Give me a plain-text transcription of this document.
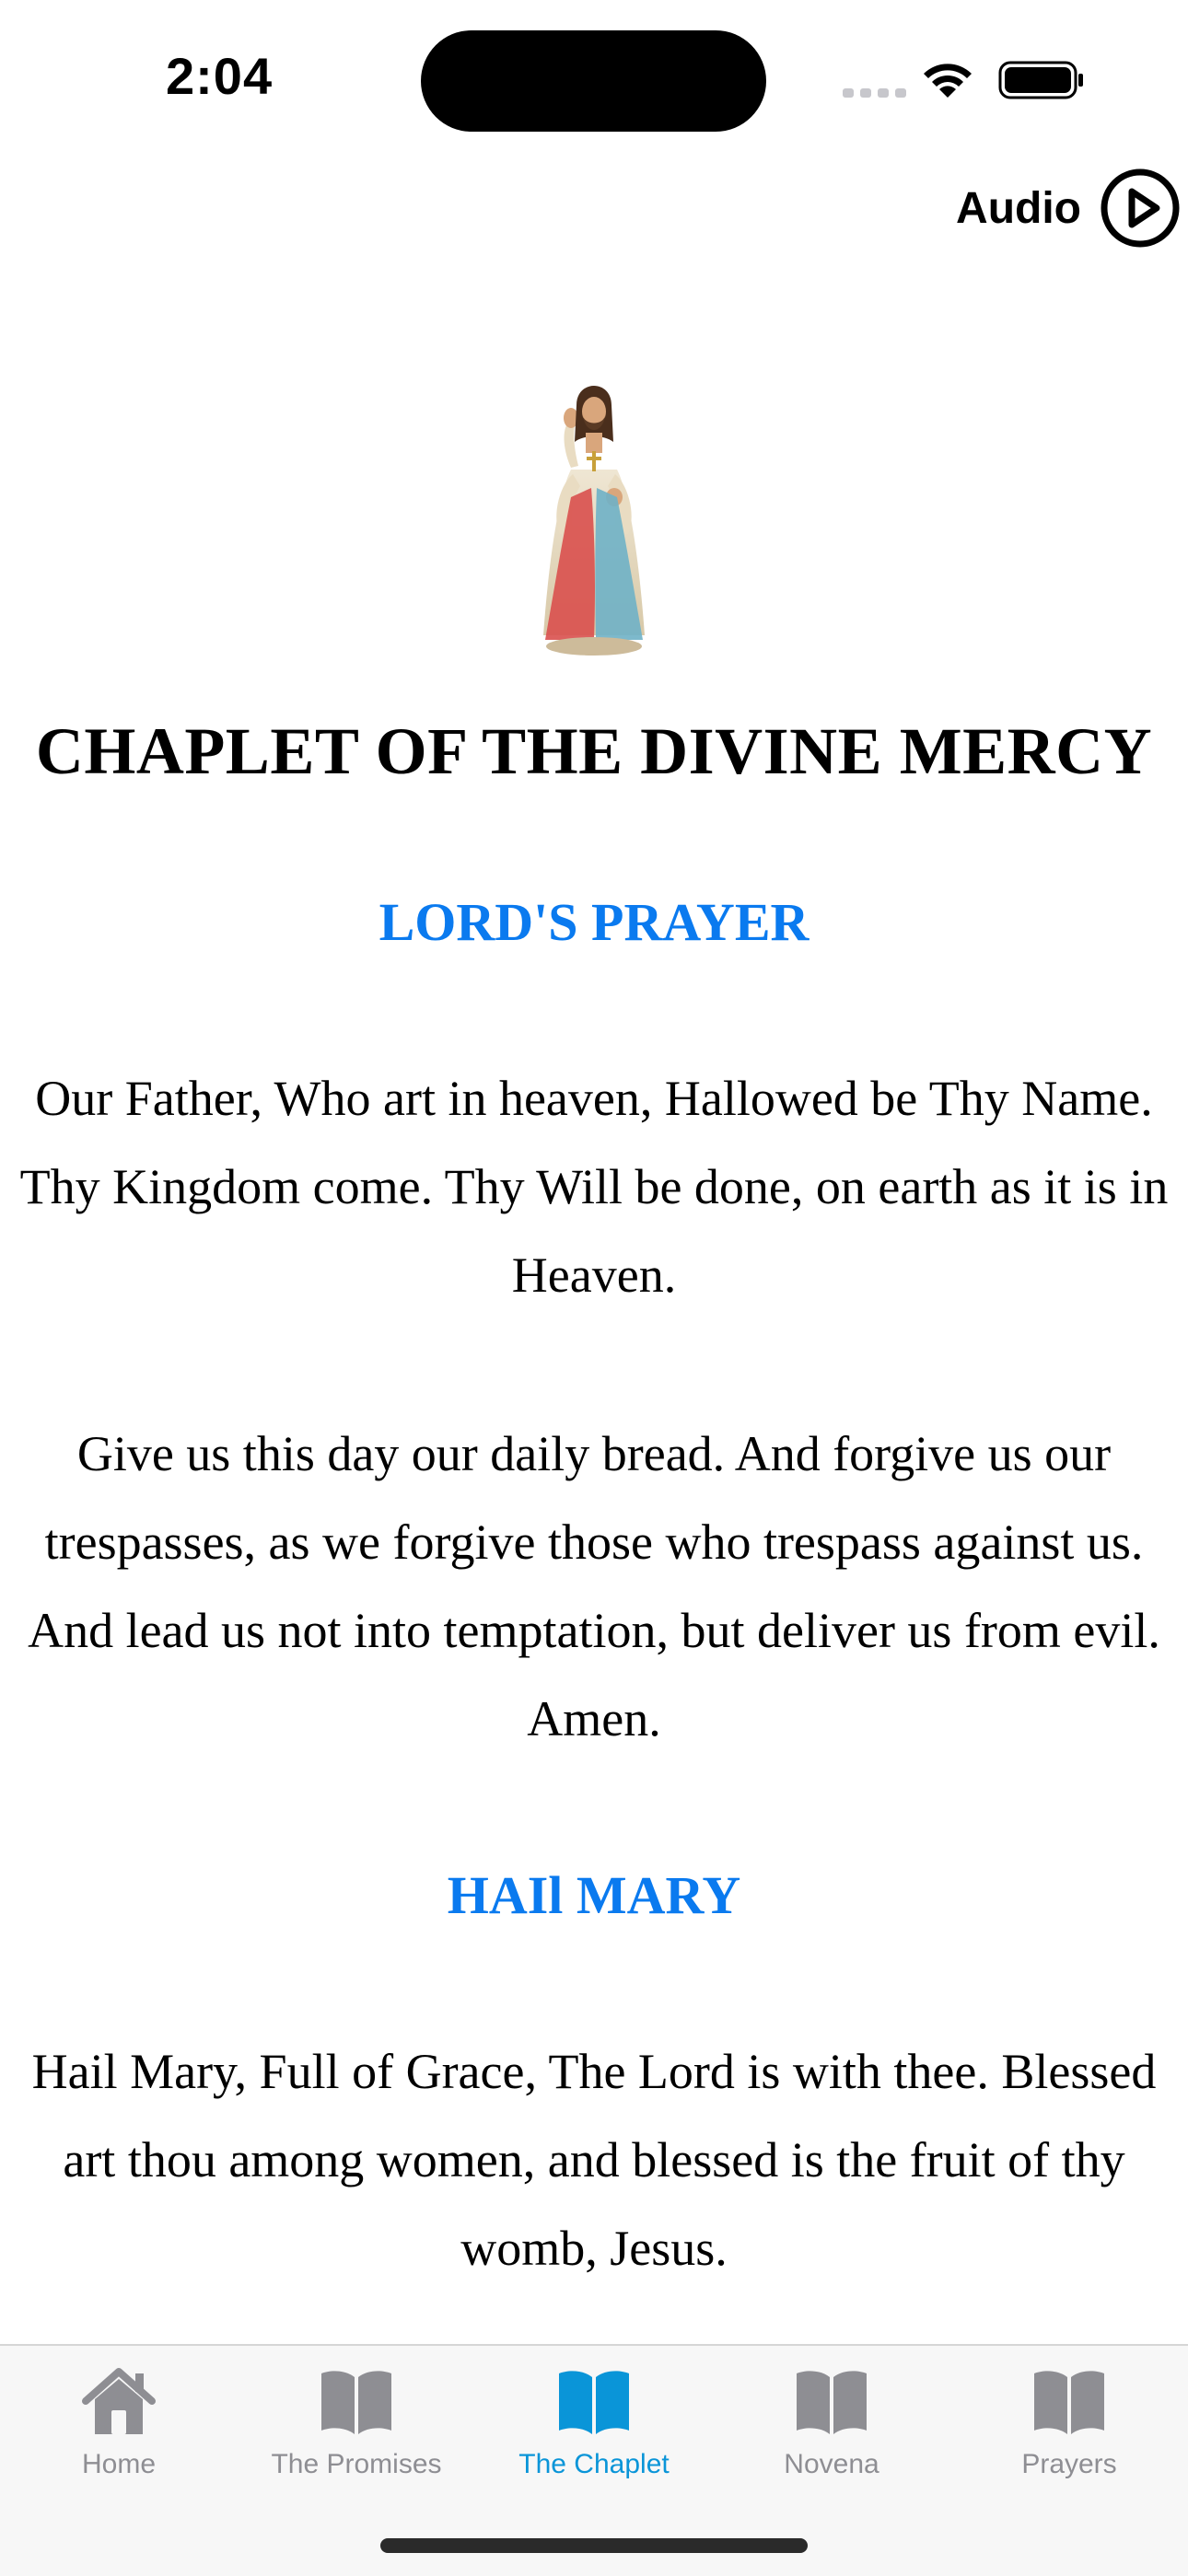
2:04
Audio
CHAPLET OF THE DIVINE MERCY
LORD'S PRAYER

Our Father, Who art in heaven, Hallowed be Thy Name. Thy Kingdom come. Thy Will be done, on earth as it is in Heaven.

Give us this day our daily bread. And forgive us our trespasses, as we forgive those who trespass against us. And lead us not into temptation, but deliver us from evil. Amen.

HAIl MARY

Hail Mary, Full of Grace, The Lord is with thee. Blessed art thou among women, and blessed is the fruit of thy womb, Jesus.

Home	The Promises	The Chaplet	Novena	Prayers
